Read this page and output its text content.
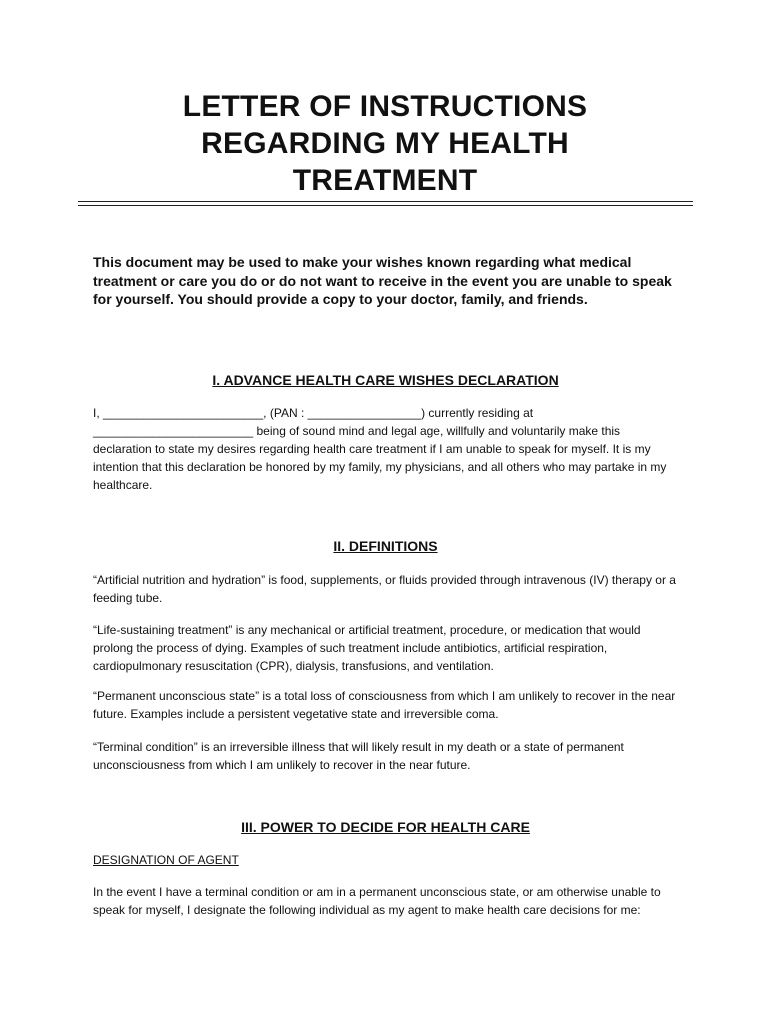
LETTER OF INSTRUCTIONS
REGARDING MY HEALTH
TREATMENT
This document may be used to make your wishes known regarding what medical treatment or care you do or do not want to receive in the event you are unable to speak for yourself. You should provide a copy to your doctor, family, and friends.
I. ADVANCE HEALTH CARE WISHES DECLARATION
I, ________________________, (PAN : _________________) currently residing at ________________________ being of sound mind and legal age, willfully and voluntarily make this declaration to state my desires regarding health care treatment if I am unable to speak for myself. It is my intention that this declaration be honored by my family, my physicians, and all others who may partake in my healthcare.
II. DEFINITIONS
“Artificial nutrition and hydration” is food, supplements, or fluids provided through intravenous (IV) therapy or a feeding tube.
“Life-sustaining treatment” is any mechanical or artificial treatment, procedure, or medication that would prolong the process of dying. Examples of such treatment include antibiotics, artificial respiration, cardiopulmonary resuscitation (CPR), dialysis, transfusions, and ventilation.
“Permanent unconscious state” is a total loss of consciousness from which I am unlikely to recover in the near future. Examples include a persistent vegetative state and irreversible coma.
“Terminal condition” is an irreversible illness that will likely result in my death or a state of permanent unconsciousness from which I am unlikely to recover in the near future.
III. POWER TO DECIDE FOR HEALTH CARE
DESIGNATION OF AGENT
In the event I have a terminal condition or am in a permanent unconscious state, or am otherwise unable to speak for myself, I designate the following individual as my agent to make health care decisions for me:
